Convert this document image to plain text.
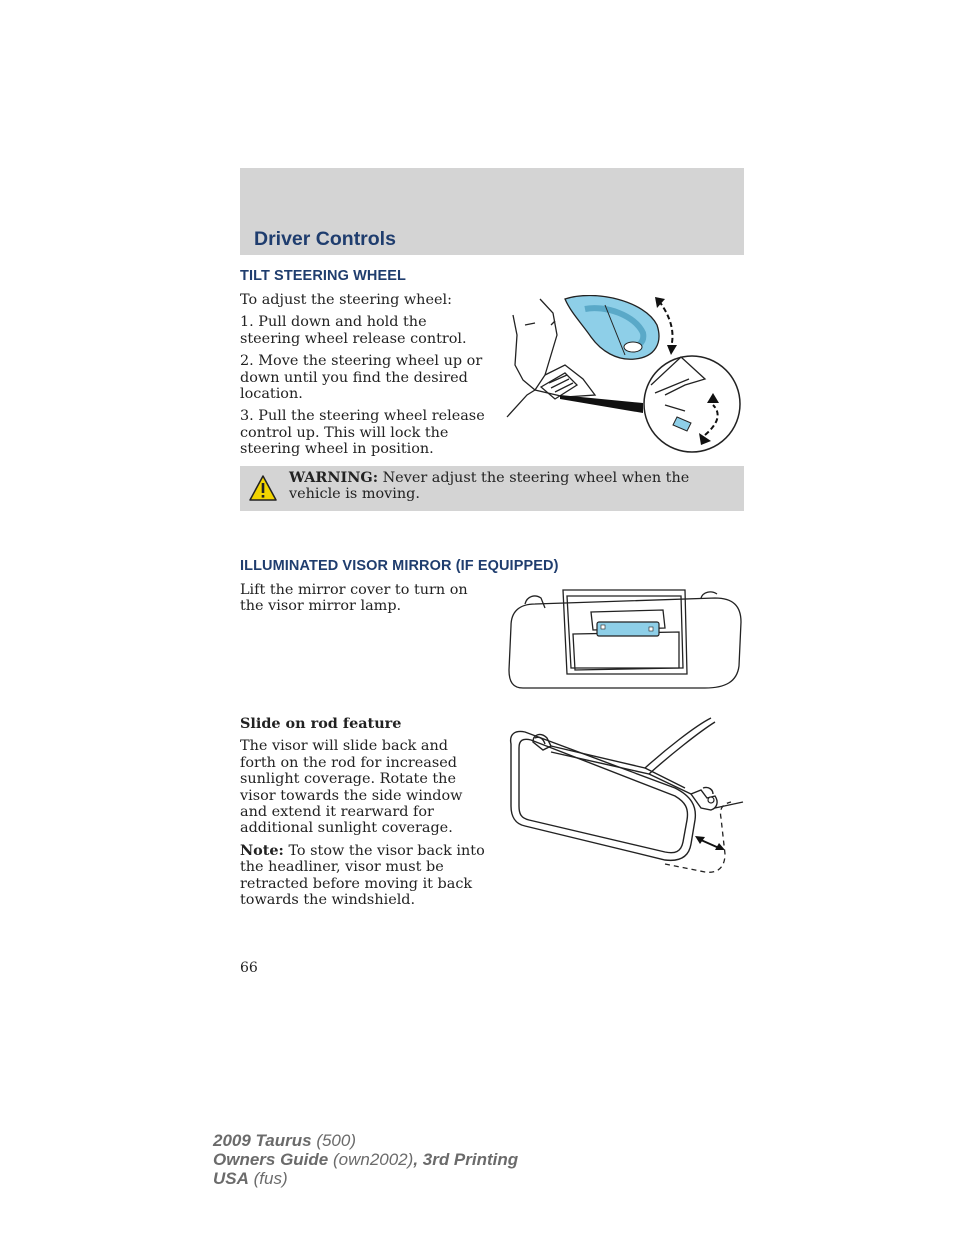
Driver Controls
TILT STEERING WHEEL

To adjust the steering wheel:

1. Pull down and hold the steering wheel release control.

2. Move the steering wheel up or down until you find the desired location.

3. Pull the steering wheel release control up. This will lock the steering wheel in position.

WARNING: Never adjust the steering wheel when the vehicle is moving.
ILLUMINATED VISOR MIRROR (IF EQUIPPED)

Lift the mirror cover to turn on the visor mirror lamp.

Slide on rod feature

The visor will slide back and forth on the rod for increased sunlight coverage. Rotate the visor towards the side window and extend it rearward for additional sunlight coverage.

Note: To stow the visor back into the headliner, visor must be retracted before moving it back towards the windshield.

66
2009 Taurus (500)
Owners Guide (own2002), 3rd Printing
USA (fus)
